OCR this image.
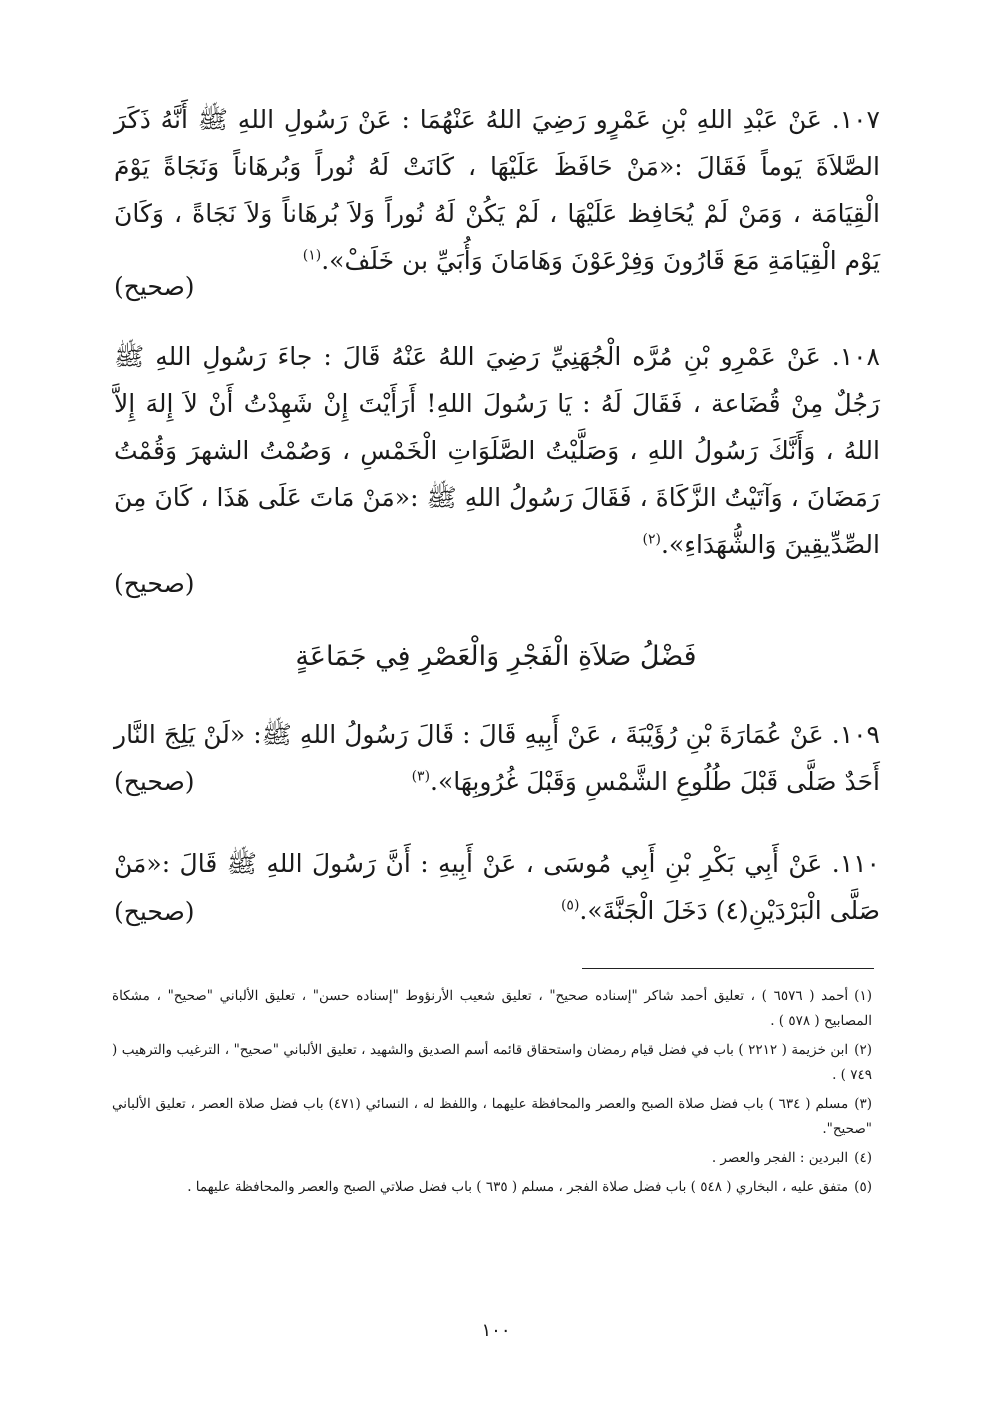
١٠٧. عَنْ عَبْدِ اللهِ بْنِ عَمْرٍو رَضِيَ اللهُ عَنْهُمَا : عَنْ رَسُولِ اللهِ ﷺ أَنَّهُ ذَكَرَ الصَّلاَةَ يَوماً فَقَالَ :«مَنْ حَافَظَ عَلَيْهَا ، كَانَتْ لَهُ نُوراً وَبُرهَاناً وَنَجَاةً يَوْمَ الْقِيَامَة ، وَمَنْ لَمْ يُحَافِظ عَلَيْهَا ، لَمْ يَكُنْ لَهُ نُوراً وَلاَ بُرهَاناً وَلاَ نَجَاةً ، وَكَانَ يَوْم الْقِيَامَةِ مَعَ قَارُونَ وَفِرْعَوْنَ وَهَامَانَ وَأُبَيِّ بن خَلَفْ».$^{(١)}$
(صحيح)
١٠٨. عَنْ عَمْرِو بْنِ مُرَّه الْجُهَنِيِّ رَضِيَ اللهُ عَنْهُ قَالَ : جاءَ رَسُولِ اللهِ ﷺ رَجُلٌ مِنْ قُضَاعة ، فَقَالَ لَهُ : يَا رَسُولَ اللهِ! أَرَأَيْتَ إِنْ شَهِدْتُ أَنْ لاَ إِلهَ إِلاَّ اللهُ ، وَأَنَّكَ رَسُولُ اللهِ ، وَصَلَّيْتُ الصَّلَوَاتِ الْخَمْسِ ، وَصُمْتُ الشهرَ وَقُمْتُ رَمَضَانَ ، وَآتَيْتُ الزَّكَاةَ ، فَقَالَ رَسُولُ اللهِ ﷺ :«مَنْ مَاتَ عَلَى هَذَا ، كَانَ مِنَ الصِّدِّيقِينَ وَالشُّهَدَاءِ».$^{(٢)}$
(صحيح)
فَضْلُ صَلاَةِ الْفَجْرِ وَالْعَصْرِ فِي جَمَاعَةٍ
١٠٩. عَنْ عُمَارَةَ بْنِ رُؤَيْبَةَ ، عَنْ أَبِيهِ قَالَ : قَالَ رَسُولُ اللهِ ﷺ: «لَنْ يَلِجَ النَّار أَحَدٌ صَلَّى قَبْلَ طُلُوعِ الشَّمْسِ وَقَبْلَ غُرُوبِهَا».$^{(٣)}$
(صحيح)
١١٠. عَنْ أَبِي بَكْرِ بْنِ أَبِي مُوسَى ، عَنْ أَبِيهِ : أَنَّ رَسُولَ اللهِ ﷺ قَالَ :«مَنْ صَلَّى الْبَرْدَيْنِ(٤) دَخَلَ الْجَنَّةَ».$^{(٥)}$
(صحيح)

(١)أحمد ( ٦٥٧٦ ) ، تعليق أحمد شاكر "إسناده صحيح" ، تعليق شعيب الأرنؤوط "إسناده حسن" ، تعليق الألباني "صحيح" ، مشكاة المصابيح ( ٥٧٨ ) .

(٢)ابن خزيمة ( ٢٢١٢ ) باب في فضل قيام رمضان واستحقاق قائمه أسم الصديق والشهيد ، تعليق الألباني "صحيح" ، الترغيب والترهيب ( ٧٤٩ ) .

(٣)مسلم ( ٦٣٤ ) باب فضل صلاة الصبح والعصر والمحافظة عليهما ، واللفظ له ، النسائي (٤٧١) باب فضل صلاة العصر ، تعليق الألباني "صحيح".

(٤)البردين : الفجر والعصر .

(٥)متفق عليه ، البخاري ( ٥٤٨ ) باب فضل صلاة الفجر ، مسلم ( ٦٣٥ ) باب فضل صلاتي الصبح والعصر والمحافظة عليهما .

١٠٠
